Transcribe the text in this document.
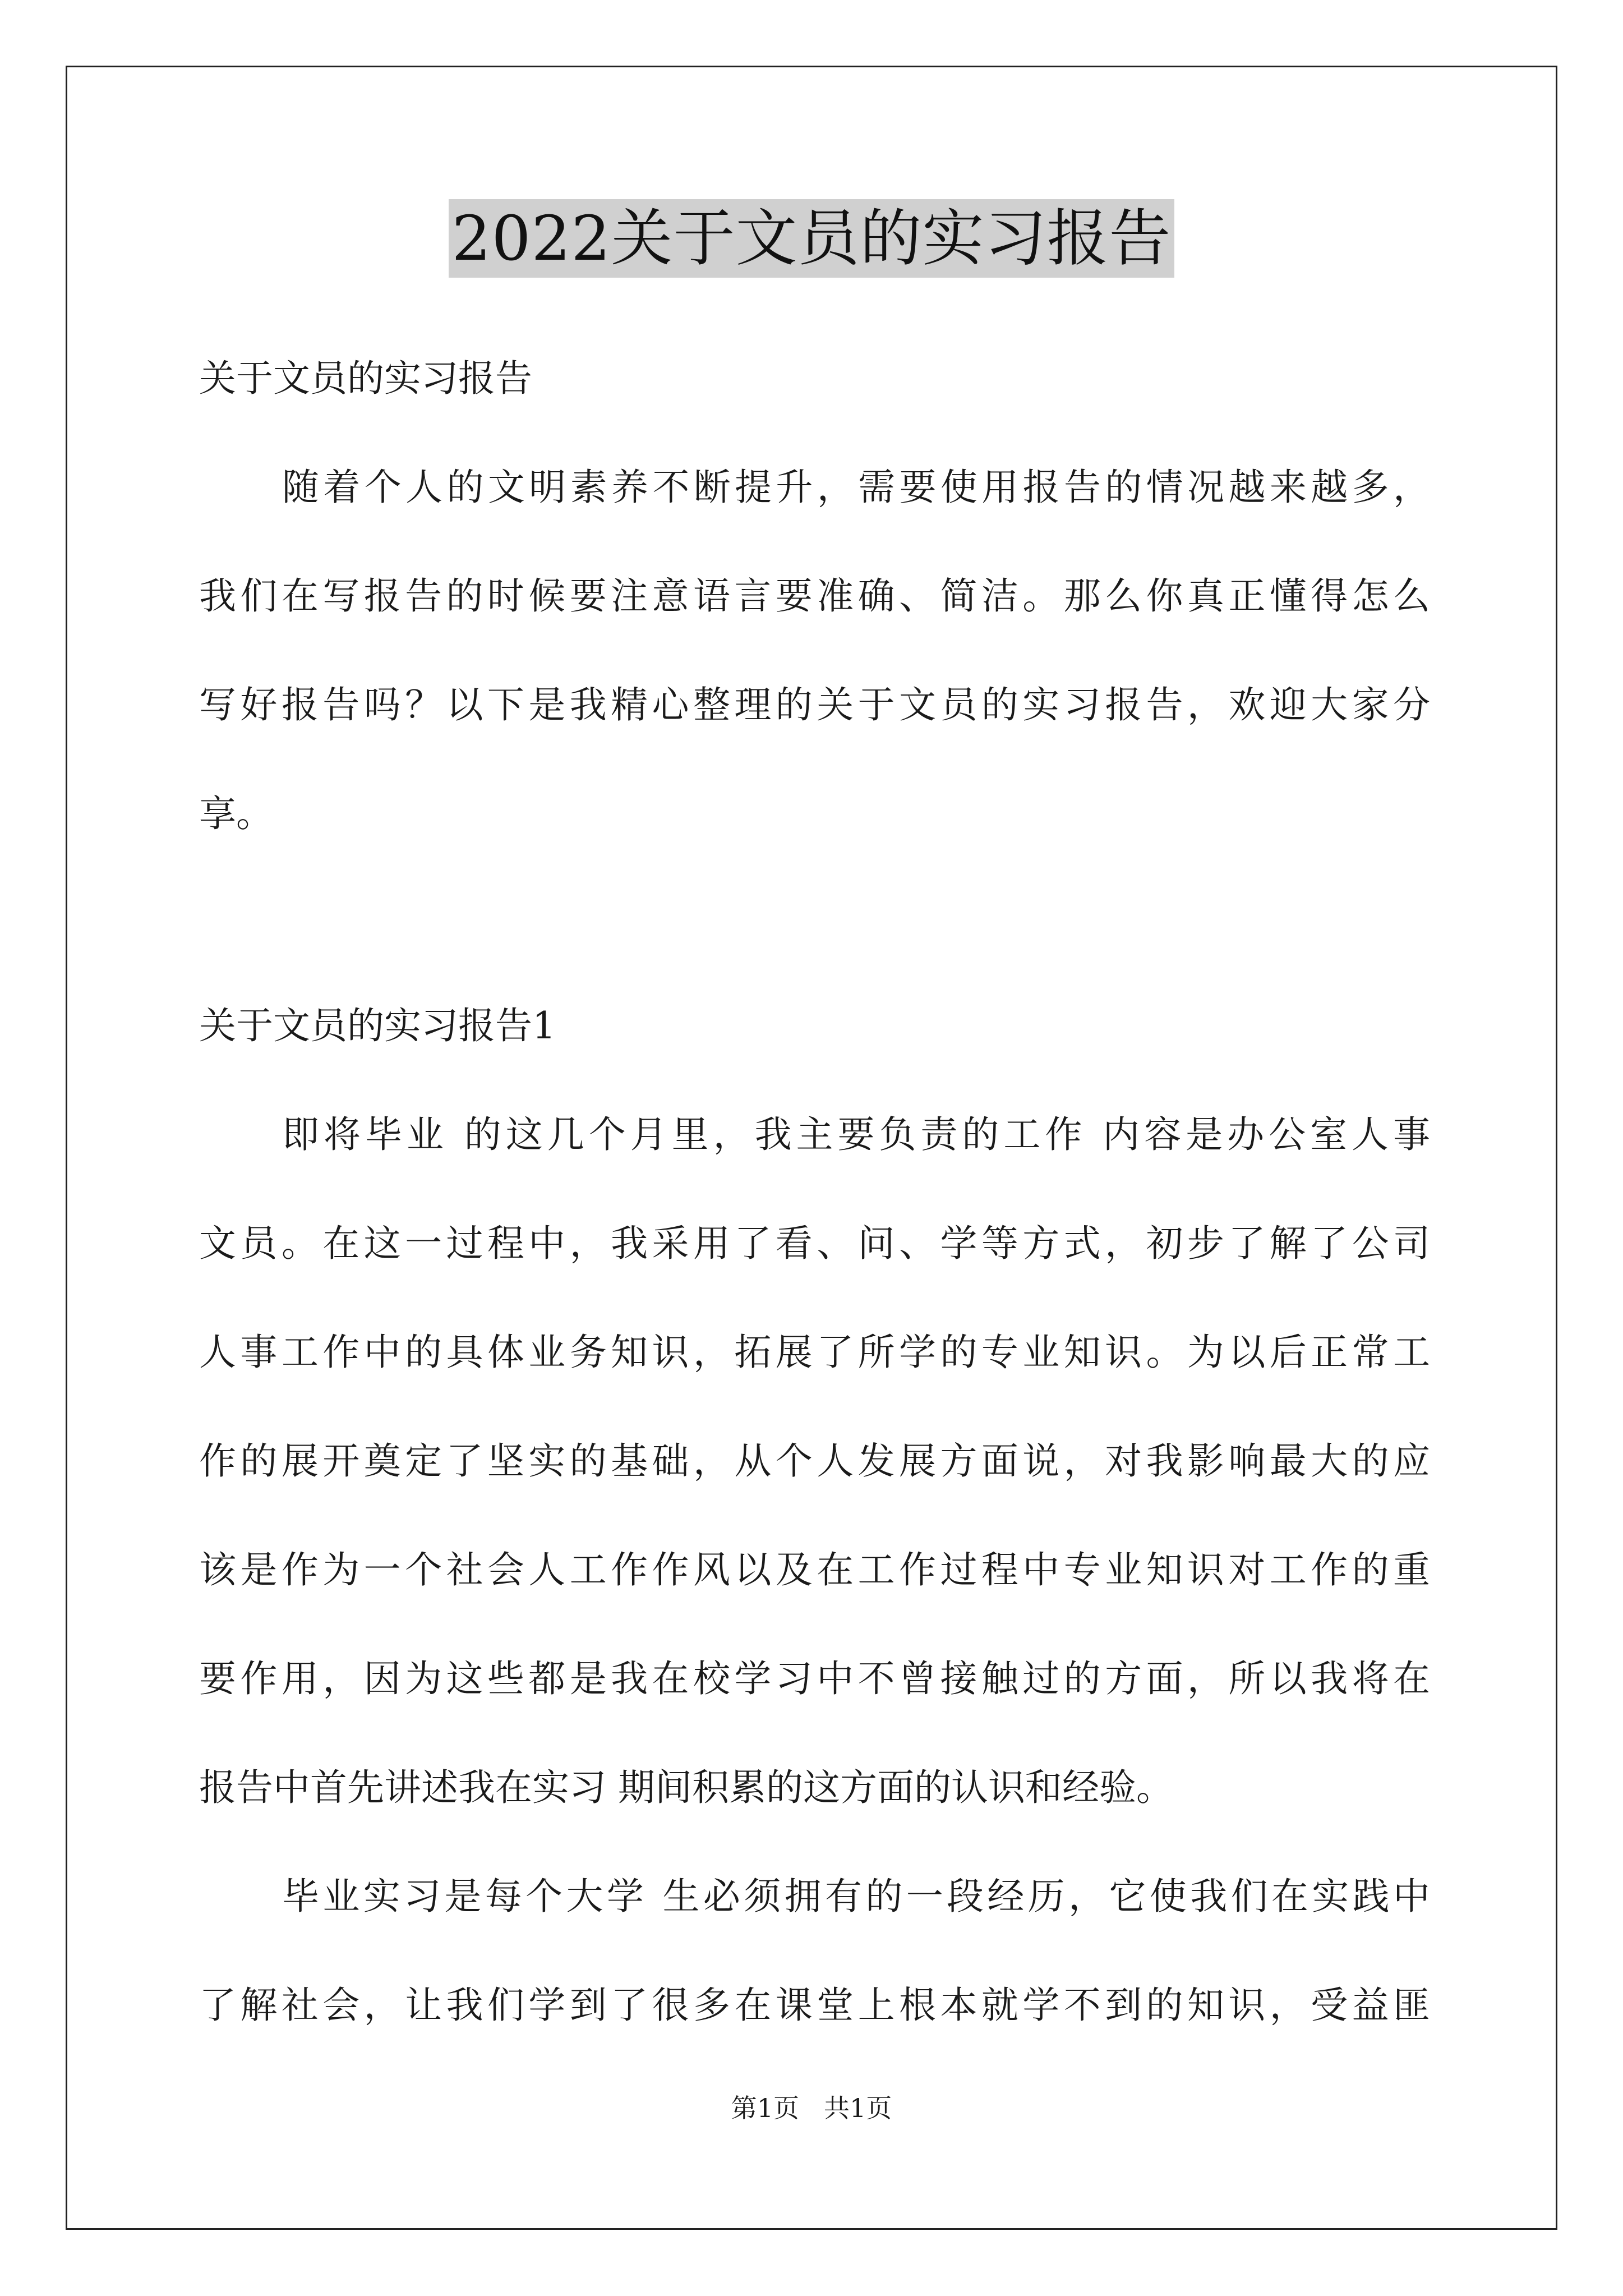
2022关于文员的实习报告
关于文员的实习报告
随着个人的文明素养不断提升，需要使用报告的情况越来越多，
我们在写报告的时候要注意语言要准确、简洁。那么你真正懂得怎么
写好报告吗？以下是我精心整理的关于文员的实习报告，欢迎大家分
享。
关于文员的实习报告1
即将毕业 的这几个月里，我主要负责的工作 内容是办公室人事
文员。在这一过程中，我采用了看、问、学等方式，初步了解了公司
人事工作中的具体业务知识，拓展了所学的专业知识。为以后正常工
作的展开奠定了坚实的基础，从个人发展方面说，对我影响最大的应
该是作为一个社会人工作作风以及在工作过程中专业知识对工作的重
要作用，因为这些都是我在校学习中不曾接触过的方面，所以我将在
报告中首先讲述我在实习 期间积累的这方面的认识和经验。
毕业实习是每个大学 生必须拥有的一段经历，它使我们在实践中
了解社会，让我们学到了很多在课堂上根本就学不到的知识，受益匪
第1页 共1页
